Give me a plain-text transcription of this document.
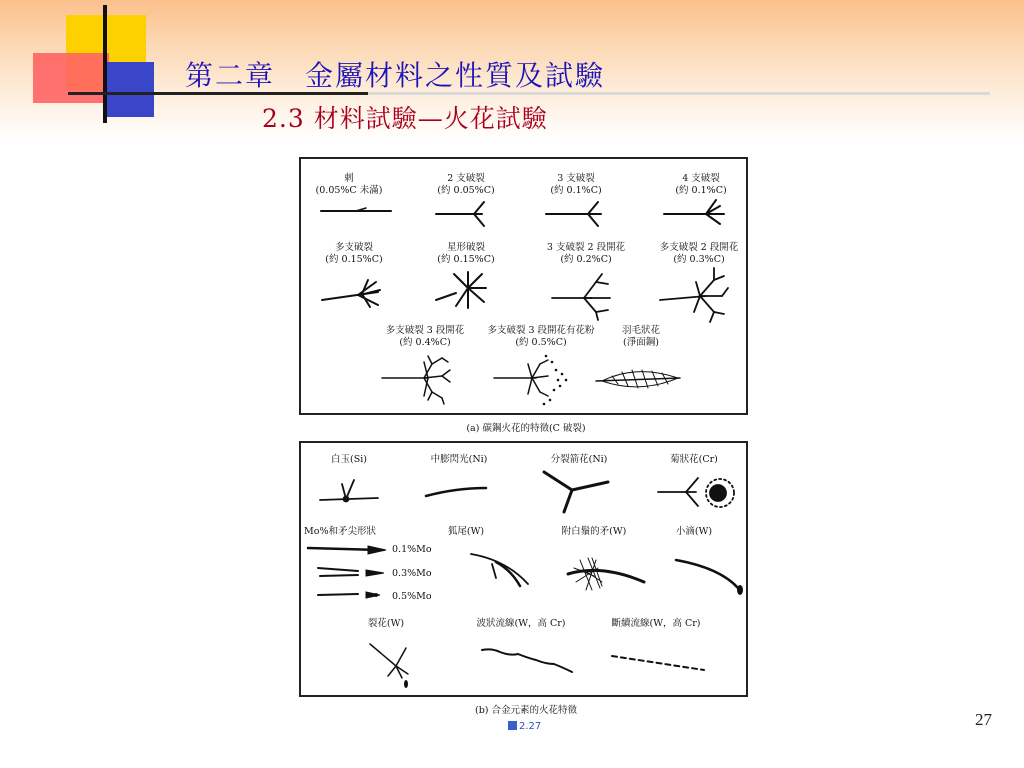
第二章　金屬材料之性質及試驗
2.3 材料試驗—火花試驗
剌
(0.05%C 未滿)
2 支破裂
(約 0.05%C)
3 支破裂
(約 0.1%C)
4 支破裂
(約 0.1%C)
多支破裂
(約 0.15%C)
星形破裂
(約 0.15%C)
3 支破裂 2 段開花
(約 0.2%C)
多支破裂 2 段開花
(約 0.3%C)
多支破裂 3 段開花
(約 0.4%C)
多支破裂 3 段開花有花粉
(約 0.5%C)
羽毛狀花
(淨面鋼)
(a) 碳鋼火花的特徵(C 破裂)
白玉(Si)	中膨閃光(Ni)	分裂箭花(Ni)	菊狀花(Cr)
Mo%和矛尖形狀	狐尾(W)	附白鬚的矛(W)	小滴(W)
0.1%Mo
0.3%Mo
0.5%Mo
裂花(W)	波狀流線(W，高 Cr)	斷續流線(W，高 Cr)
(b) 合金元素的火花特徵
2.27	27
